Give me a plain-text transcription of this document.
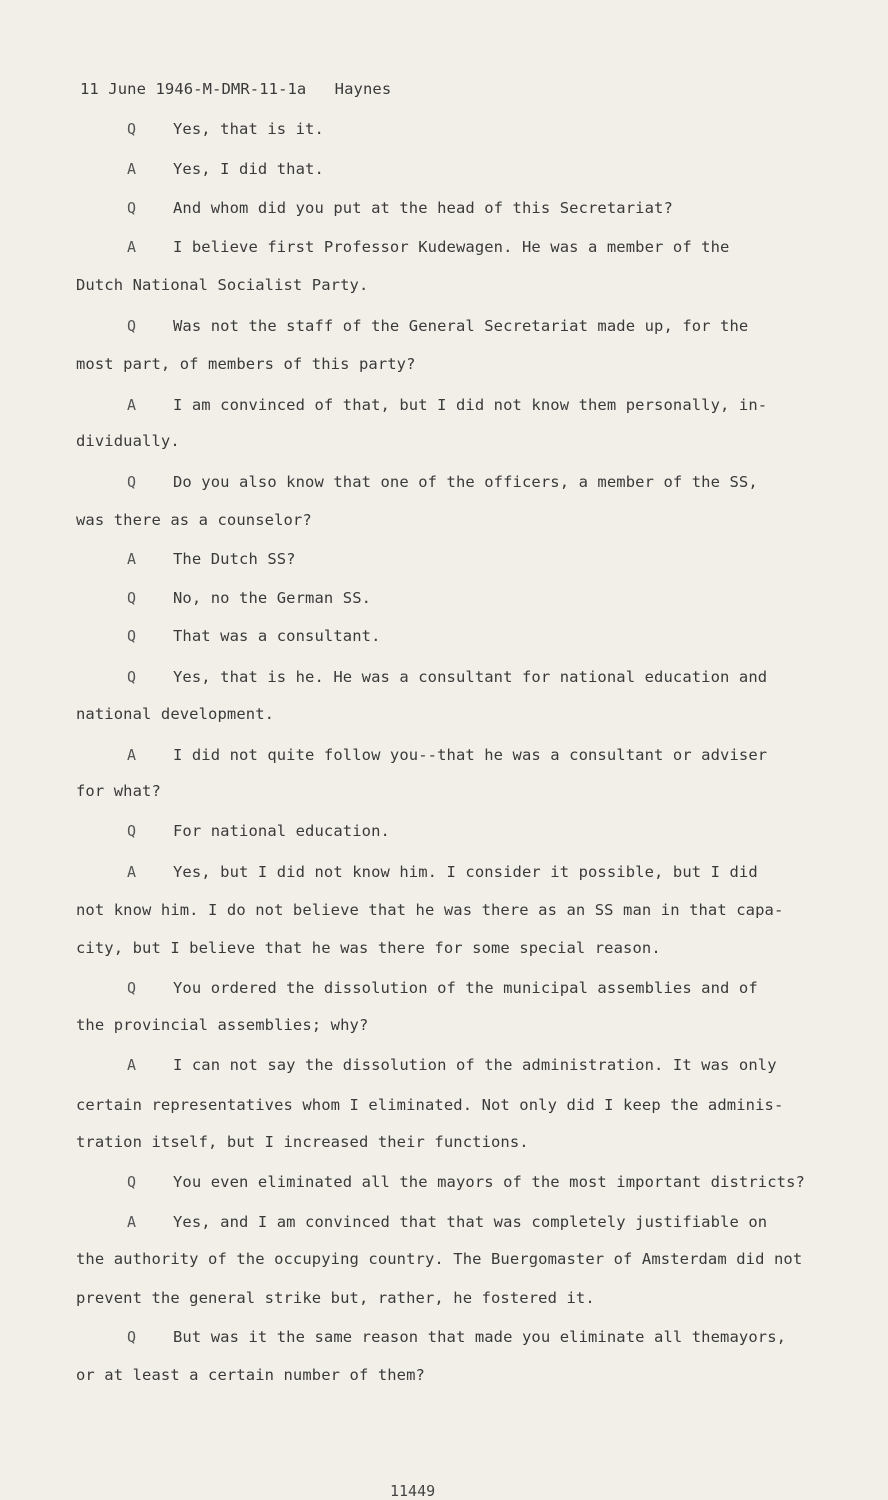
11 June 1946-M-DMR-11-1a Haynes
Q Yes, that is it.
A Yes, I did that.
Q And whom did you put at the head of this Secretariat?
A I believe first Professor Kudewagen. He was a member of the
Dutch National Socialist Party.
Q Was not the staff of the General Secretariat made up, for the
most part, of members of this party?
A I am convinced of that, but I did not know them personally, in-
dividually.
Q Do you also know that one of the officers, a member of the SS,
was there as a counselor?
A The Dutch SS?
Q No, no the German SS.
Q That was a consultant.
Q Yes, that is he. He was a consultant for national education and
national development.
A I did not quite follow you--that he was a consultant or adviser
for what?
Q For national education.
A Yes, but I did not know him. I consider it possible, but I did
not know him. I do not believe that he was there as an SS man in that capa-
city, but I believe that he was there for some special reason.
Q You ordered the dissolution of the municipal assemblies and of
the provincial assemblies; why?
A I can not say the dissolution of the administration. It was only
certain representatives whom I eliminated. Not only did I keep the adminis-
tration itself, but I increased their functions.
Q You even eliminated all the mayors of the most important districts?
A Yes, and I am convinced that that was completely justifiable on
the authority of the occupying country. The Buergomaster of Amsterdam did not
prevent the general strike but, rather, he fostered it.
Q But was it the same reason that made you eliminate all themayors,
or at least a certain number of them?
11449
